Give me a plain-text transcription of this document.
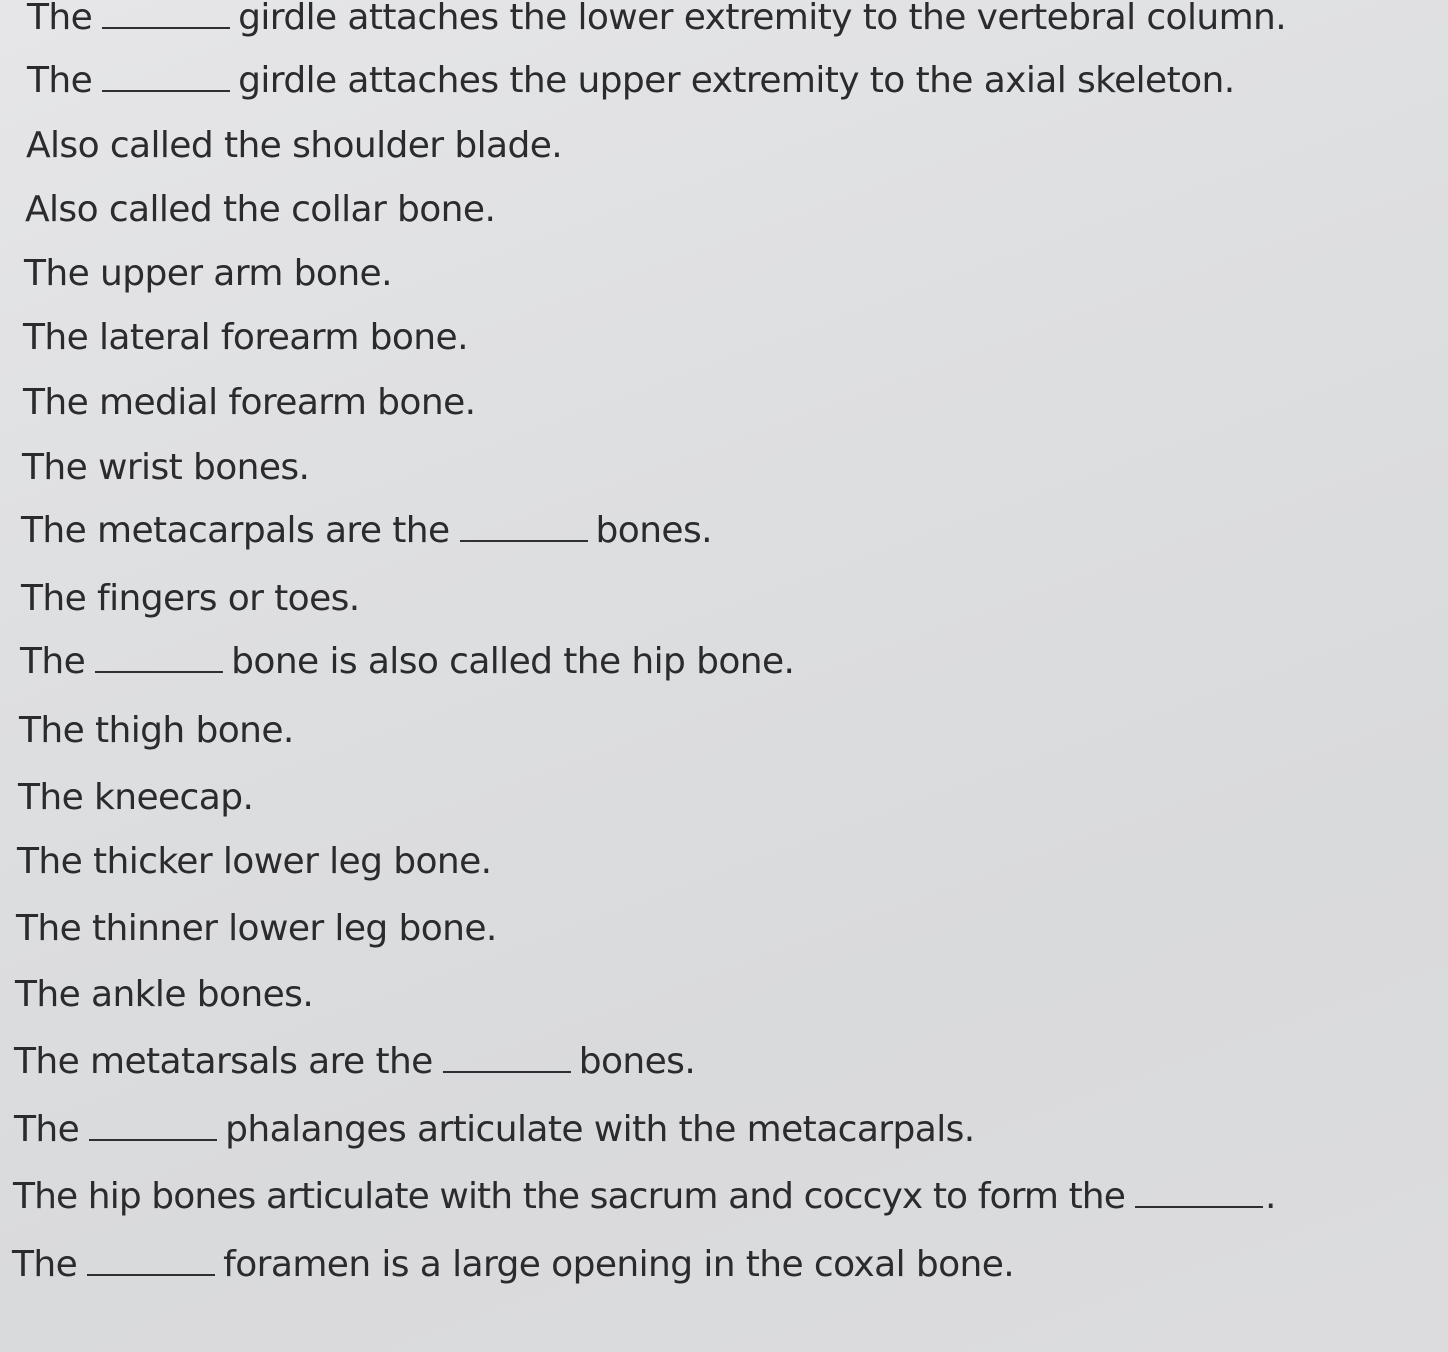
The	girdle attaches the lower extremity to the vertebral column.
The	girdle attaches the upper extremity to the axial skeleton.
Also called the shoulder blade.
Also called the collar bone.
The upper arm bone.
The lateral forearm bone.
The medial forearm bone.
The wrist bones.
The metacarpals are the	bones.
The fingers or toes.
The	bone is also called the hip bone.
The thigh bone.
The kneecap.
The thicker lower leg bone.
The thinner lower leg bone.
The ankle bones.
The metatarsals are the	bones.
The	phalanges articulate with the metacarpals.
The hip bones articulate with the sacrum and coccyx to form the	.
The	foramen is a large opening in the coxal bone.
